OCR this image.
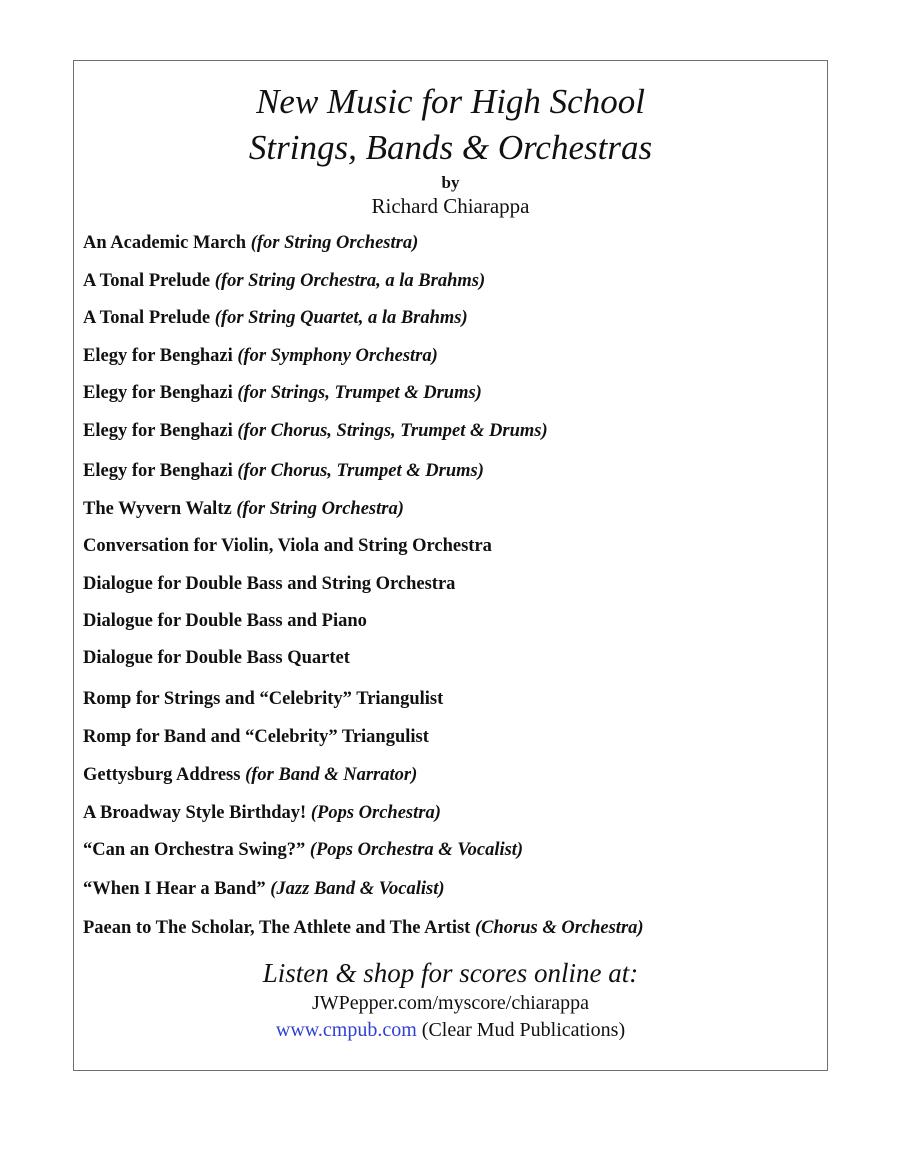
New Music for High School
Strings, Bands & Orchestras
by
Richard Chiarappa
An Academic March (for String Orchestra)
A Tonal Prelude (for String Orchestra, a la Brahms)
A Tonal Prelude (for String Quartet, a la Brahms)
Elegy for Benghazi (for Symphony Orchestra)
Elegy for Benghazi (for Strings, Trumpet & Drums)
Elegy for Benghazi (for Chorus, Strings, Trumpet & Drums)
Elegy for Benghazi (for Chorus, Trumpet & Drums)
The Wyvern Waltz (for String Orchestra)
Conversation for Violin, Viola and String Orchestra
Dialogue for Double Bass and String Orchestra
Dialogue for Double Bass and Piano
Dialogue for Double Bass Quartet
Romp for Strings and “Celebrity” Triangulist
Romp for Band and “Celebrity” Triangulist
Gettysburg Address (for Band & Narrator)
A Broadway Style Birthday! (Pops Orchestra)
“Can an Orchestra Swing?” (Pops Orchestra & Vocalist)
“When I Hear a Band” (Jazz Band & Vocalist)
Paean to The Scholar, The Athlete and The Artist (Chorus & Orchestra)
Listen & shop for scores online at:
JWPepper.com/myscore/chiarappa
www.cmpub.com (Clear Mud Publications)
